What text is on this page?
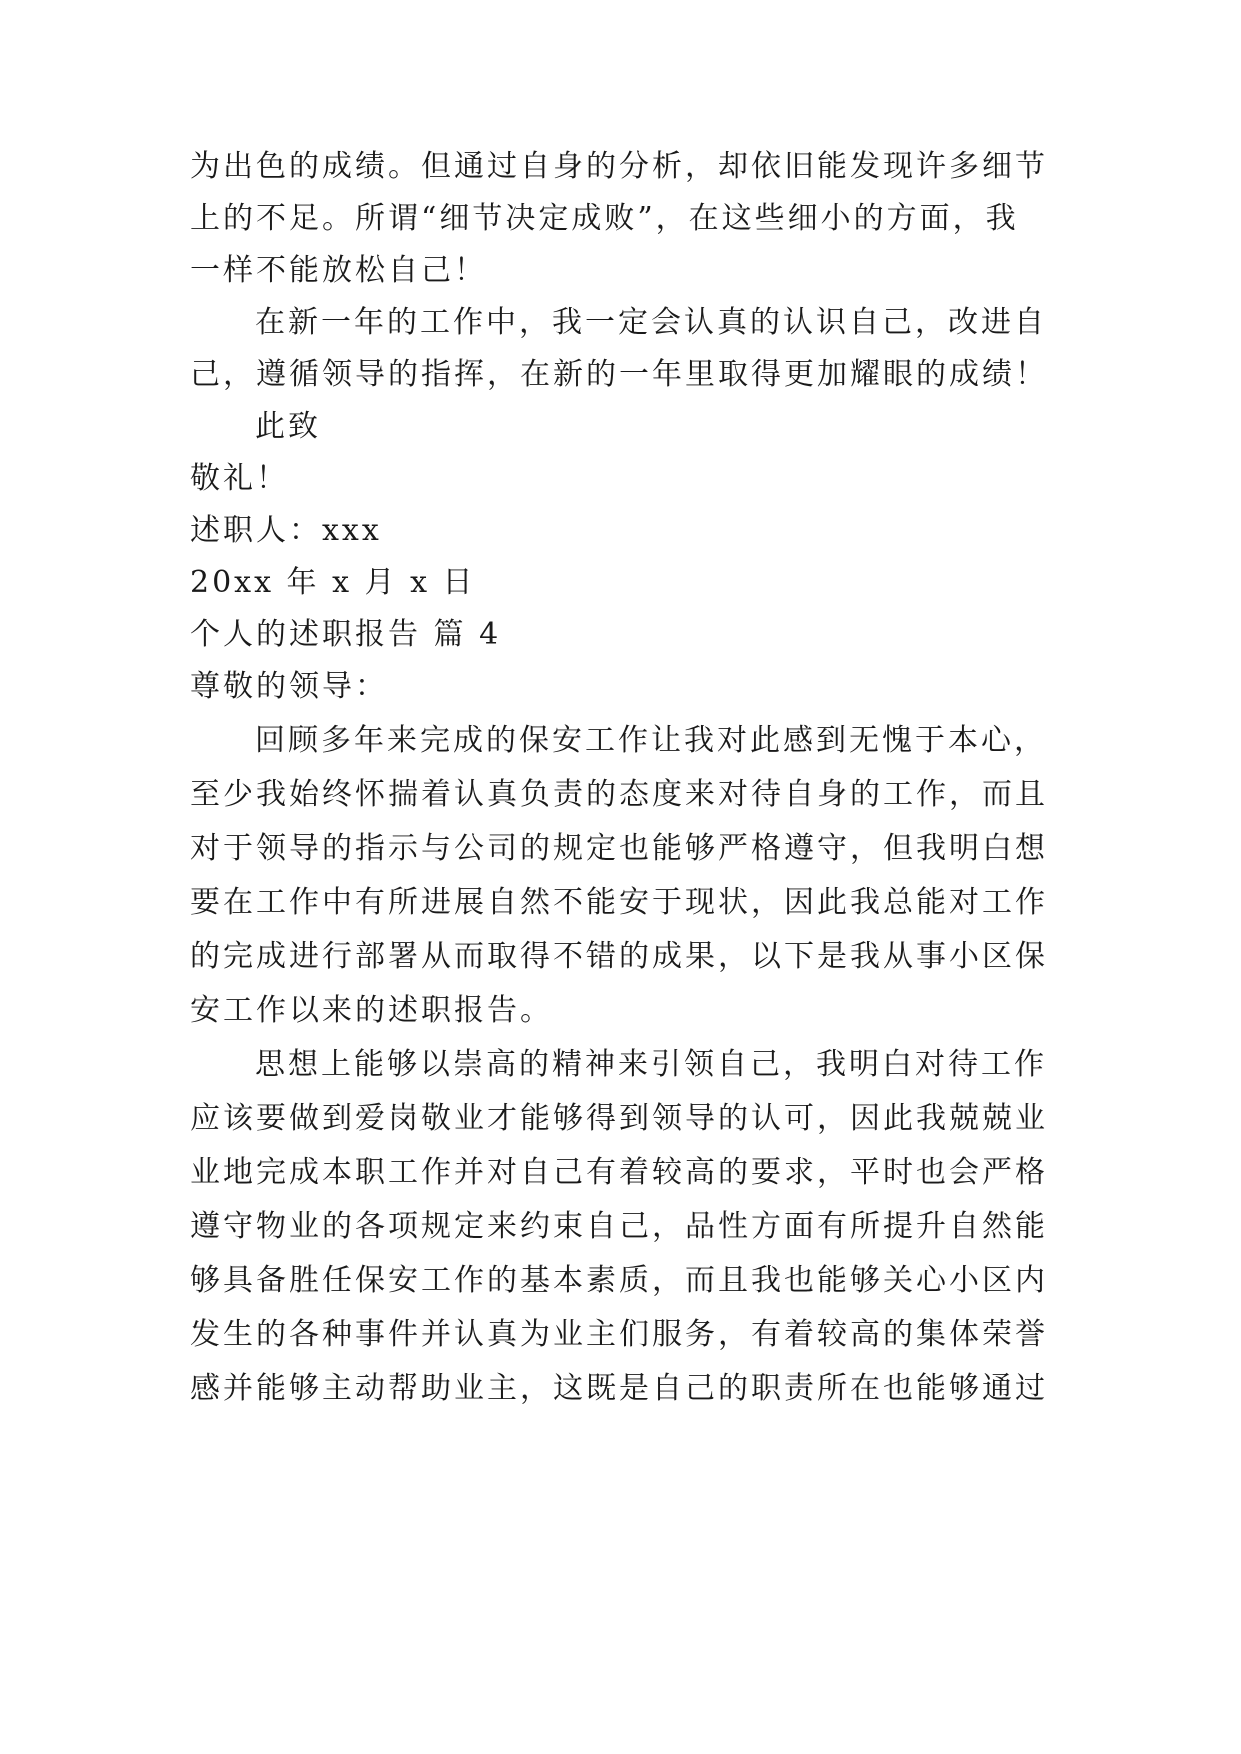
为出色的成绩。但通过自身的分析，却依旧能发现许多细节
上的不足。所谓“细节决定成败”，在这些细小的方面，我
一样不能放松自己！
在新一年的工作中，我一定会认真的认识自己，改进自
己，遵循领导的指挥，在新的一年里取得更加耀眼的成绩！
此致
敬礼！
述职人：xxx
20xx 年 x 月 x 日
个人的述职报告 篇 4
尊敬的领导：
回顾多年来完成的保安工作让我对此感到无愧于本心，
至少我始终怀揣着认真负责的态度来对待自身的工作，而且
对于领导的指示与公司的规定也能够严格遵守，但我明白想
要在工作中有所进展自然不能安于现状，因此我总能对工作
的完成进行部署从而取得不错的成果，以下是我从事小区保
安工作以来的述职报告。
思想上能够以崇高的精神来引领自己，我明白对待工作
应该要做到爱岗敬业才能够得到领导的认可，因此我兢兢业
业地完成本职工作并对自己有着较高的要求，平时也会严格
遵守物业的各项规定来约束自己，品性方面有所提升自然能
够具备胜任保安工作的基本素质，而且我也能够关心小区内
发生的各种事件并认真为业主们服务，有着较高的集体荣誉
感并能够主动帮助业主，这既是自己的职责所在也能够通过
